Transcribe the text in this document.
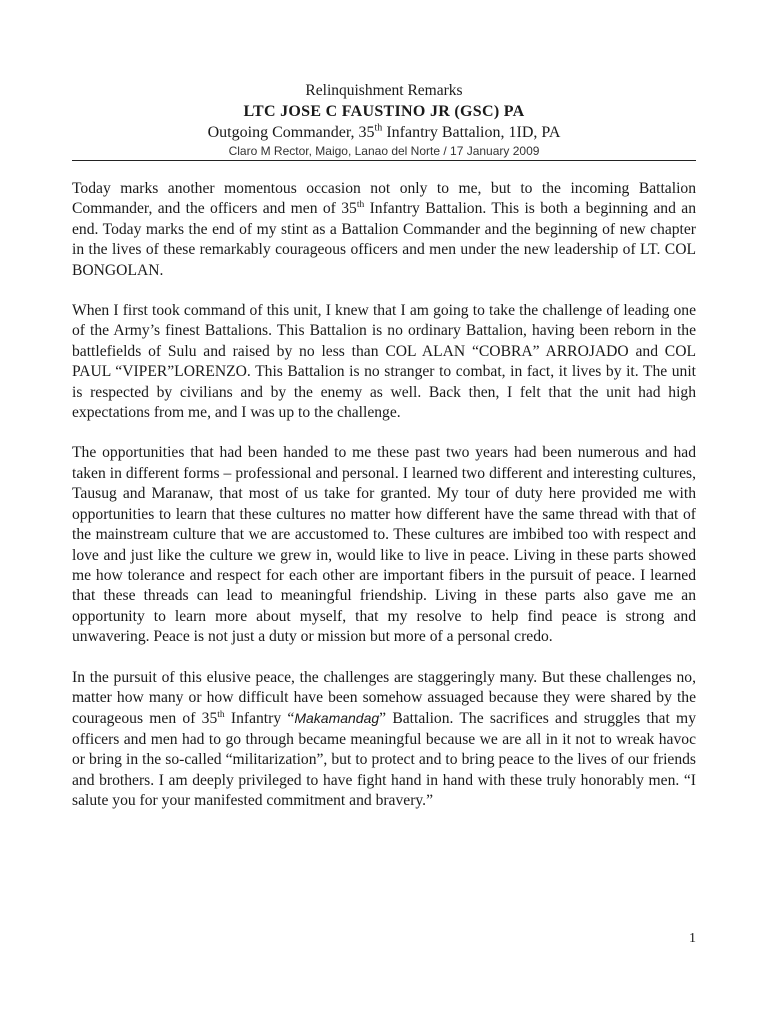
Relinquishment Remarks
LTC JOSE C FAUSTINO JR (GSC) PA
Outgoing Commander, 35th Infantry Battalion, 1ID, PA
Claro M Rector, Maigo, Lanao del Norte / 17 January 2009

Today marks another momentous occasion not only to me, but to the incoming Battalion Commander, and the officers and men of 35th Infantry Battalion. This is both a beginning and an end. Today marks the end of my stint as a Battalion Commander and the beginning of new chapter in the lives of these remarkably courageous officers and men under the new leadership of LT. COL BONGOLAN.

When I first took command of this unit, I knew that I am going to take the challenge of leading one of the Army’s finest Battalions. This Battalion is no ordinary Battalion, having been reborn in the battlefields of Sulu and raised by no less than COL ALAN “COBRA” ARROJADO and COL PAUL “VIPER”LORENZO. This Battalion is no stranger to combat, in fact, it lives by it. The unit is respected by civilians and by the enemy as well. Back then, I felt that the unit had high expectations from me, and I was up to the challenge.

The opportunities that had been handed to me these past two years had been numerous and had taken in different forms – professional and personal. I learned two different and interesting cultures, Tausug and Maranaw, that most of us take for granted. My tour of duty here provided me with opportunities to learn that these cultures no matter how different have the same thread with that of the mainstream culture that we are accustomed to. These cultures are imbibed too with respect and love and just like the culture we grew in, would like to live in peace. Living in these parts showed me how tolerance and respect for each other are important fibers in the pursuit of peace. I learned that these threads can lead to meaningful friendship. Living in these parts also gave me an opportunity to learn more about myself, that my resolve to help find peace is strong and unwavering. Peace is not just a duty or mission but more of a personal credo.

In the pursuit of this elusive peace, the challenges are staggeringly many. But these challenges no, matter how many or how difficult have been somehow assuaged because they were shared by the courageous men of 35th Infantry “Makamandag” Battalion. The sacrifices and struggles that my officers and men had to go through became meaningful because we are all in it not to wreak havoc or bring in the so-called “militarization”, but to protect and to bring peace to the lives of our friends and brothers. I am deeply privileged to have fight hand in hand with these truly honorably men. “I salute you for your manifested commitment and bravery.”

1
